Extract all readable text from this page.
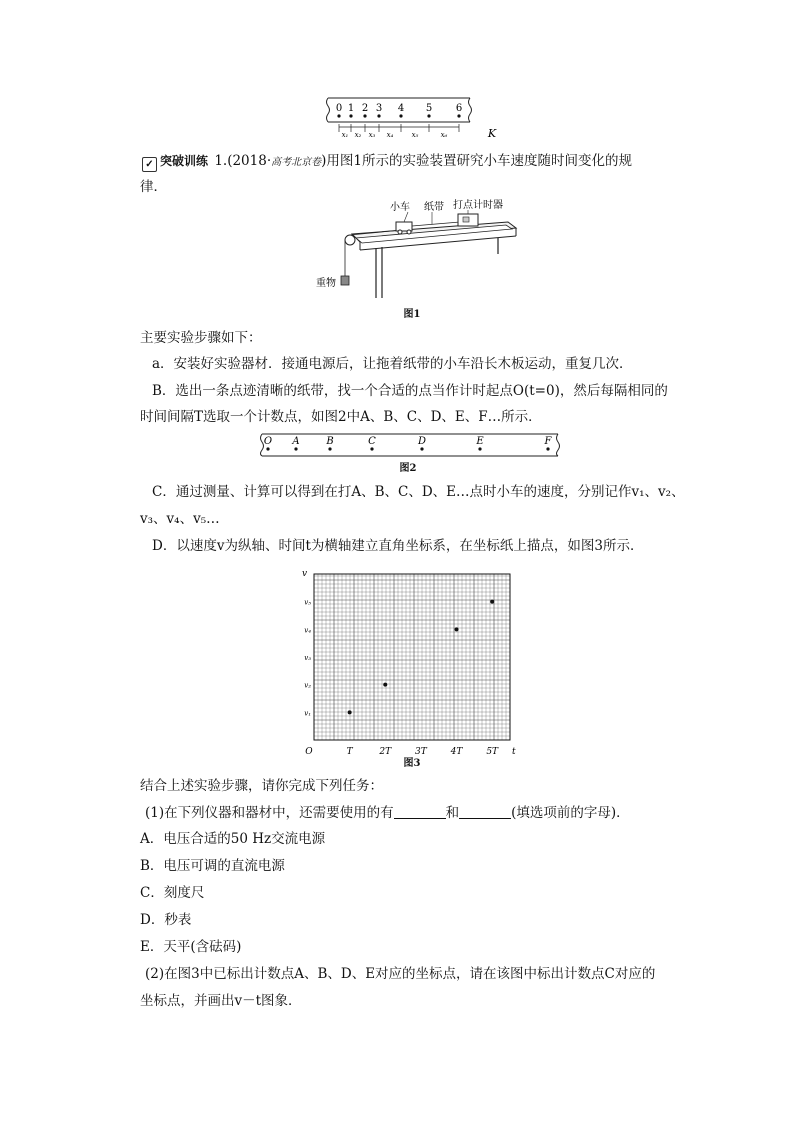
0 1 2 3 4 5 6
x₁ x₂ x₃ x₄	x₅	x₆	K
✓ 突破训练 1.(2018·高考北京卷)用图1所示的实验装置研究小车速度随时间变化的规
律．
小车 纸带 打点计时器
重物
图1
主要实验步骤如下：
a．安装好实验器材．接通电源后，让拖着纸带的小车沿长木板运动，重复几次．
B．选出一条点迹清晰的纸带，找一个合适的点当作计时起点O(t=0)，然后每隔相同的
时间间隔T选取一个计数点，如图2中A、B、C、D、E、F…所示．
O A	B	C	D	E	F
图2
C．通过测量、计算可以得到在打A、B、C、D、E…点时小车的速度，分别记作v₁、v₂、
v₃、v₄、v₅…
D．以速度v为纵轴、时间t为横轴建立直角坐标系，在坐标纸上描点，如图3所示．
v
t
O
v₁
v₂
v₃
v₄
v₅
T	2T	3T	4T	5T
图3
结合上述实验步骤，请你完成下列任务：
(1)在下列仪器和器材中，还需要使用的有	和	(填选项前的字母)．
A．电压合适的50 Hz交流电源
B．电压可调的直流电源
C．刻度尺
D．秒表
E．天平(含砝码)
(2)在图3中已标出计数点A、B、D、E对应的坐标点，请在该图中标出计数点C对应的
坐标点，并画出v－t图象．
